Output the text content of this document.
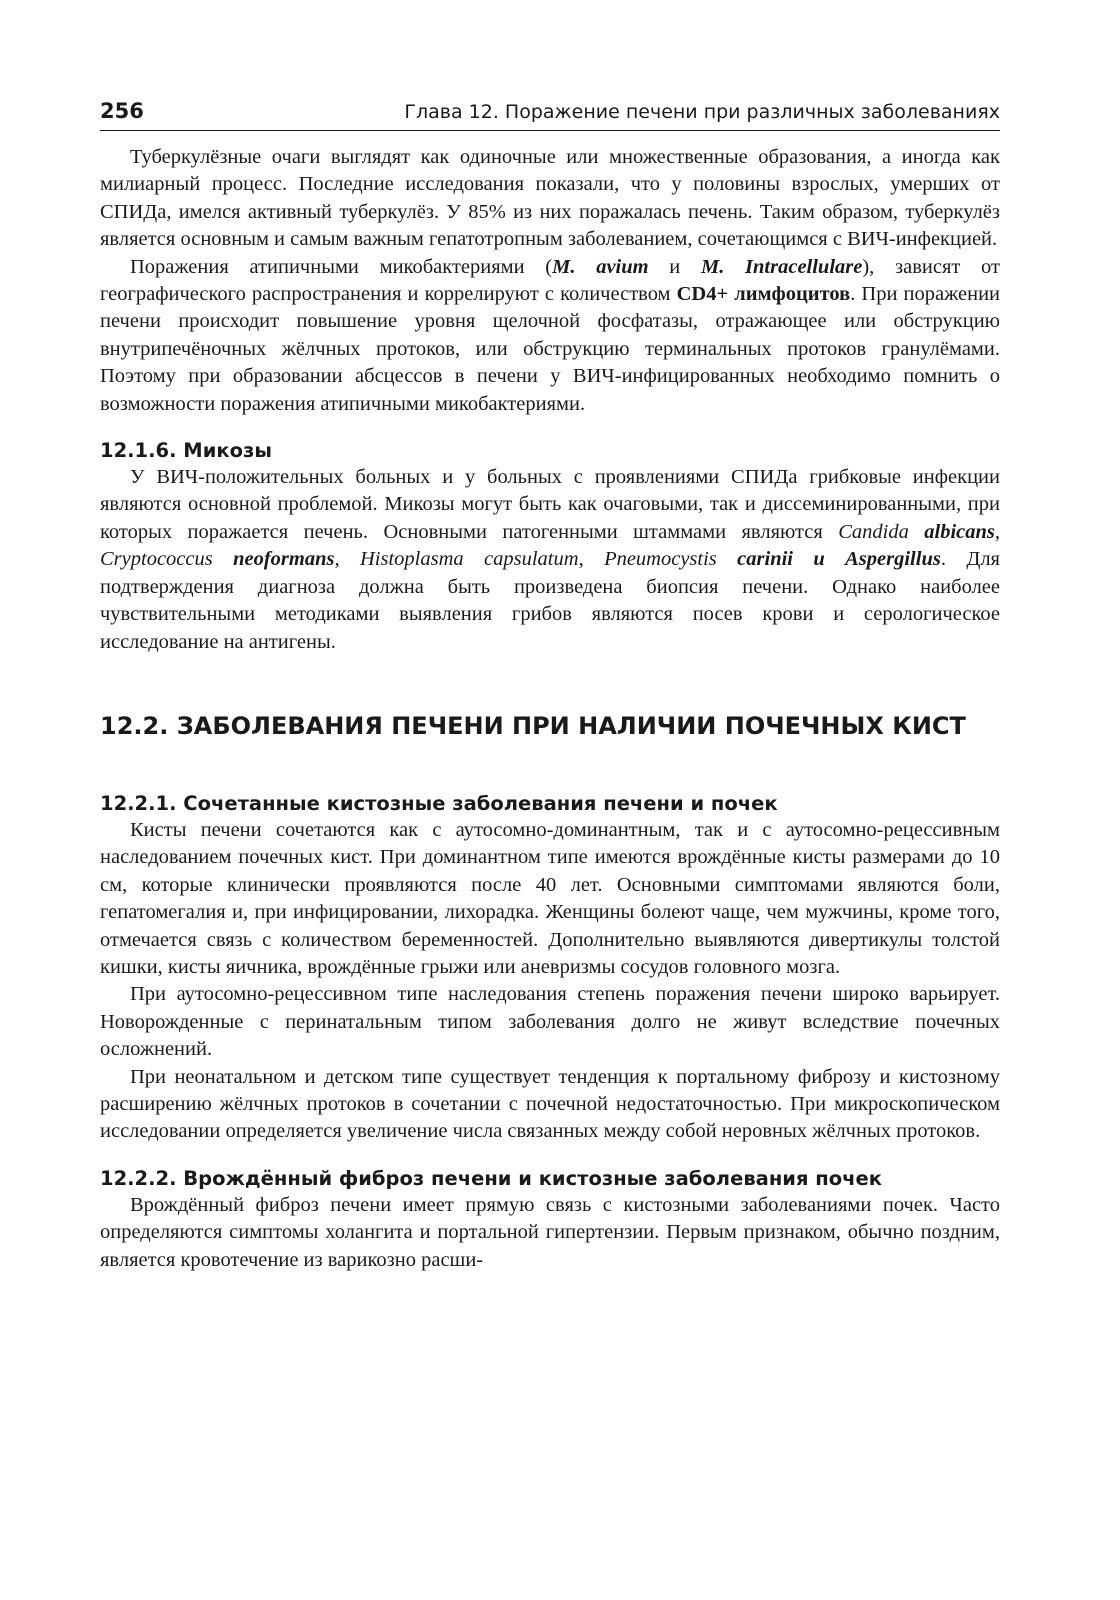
256	Глава 12. Поражение печени при различных заболеваниях

Туберкулёзные очаги выглядят как одиночные или множественные образования, а иногда как милиарный процесс. Последние исследования показали, что у половины взрослых, умерших от СПИДа, имелся активный туберкулёз. У 85% из них поражалась печень. Таким образом, туберкулёз является основным и самым важным гепатотропным заболеванием, сочетающимся с ВИЧ-инфекцией.

Поражения атипичными микобактериями (M. avium и M. Intracellulare), зависят от географического распространения и коррелируют с количеством CD4+ лимфоцитов. При поражении печени происходит повышение уровня щелочной фосфатазы, отражающее или обструкцию внутрипечёночных жёлчных протоков, или обструкцию терминальных протоков гранулёмами. Поэтому при образовании абсцессов в печени у ВИЧ-инфицированных необходимо помнить о возможности поражения атипичными микобактериями.

12.1.6. Микозы

У ВИЧ-положительных больных и у больных с проявлениями СПИДа грибковые инфекции являются основной проблемой. Микозы могут быть как очаговыми, так и диссеминированными, при которых поражается печень. Основными патогенными штаммами являются Candida albicans, Cryptococcus neoformans, Histoplasma capsulatum, Pneumocystis carinii и Aspergillus. Для подтверждения диагноза должна быть произведена биопсия печени. Однако наиболее чувствительными методиками выявления грибов являются посев крови и серологическое исследование на антигены.

12.2. ЗАБОЛЕВАНИЯ ПЕЧЕНИ ПРИ НАЛИЧИИ ПОЧЕЧНЫХ КИСТ
12.2.1. Сочетанные кистозные заболевания печени и почек

Кисты печени сочетаются как с аутосомно-доминантным, так и с аутосомно-рецессивным наследованием почечных кист. При доминантном типе имеются врождённые кисты размерами до 10 см, которые клинически проявляются после 40 лет. Основными симптомами являются боли, гепатомегалия и, при инфицировании, лихорадка. Женщины болеют чаще, чем мужчины, кроме того, отмечается связь с количеством беременностей. Дополнительно выявляются дивертикулы толстой кишки, кисты яичника, врождённые грыжи или аневризмы сосудов головного мозга.

При аутосомно-рецессивном типе наследования степень поражения печени широко варьирует. Новорожденные с перинатальным типом заболевания долго не живут вследствие почечных осложнений.

При неонатальном и детском типе существует тенденция к портальному фиброзу и кистозному расширению жёлчных протоков в сочетании с почечной недостаточностью. При микроскопическом исследовании определяется увеличение числа связанных между собой неровных жёлчных протоков.

12.2.2. Врождённый фиброз печени и кистозные заболевания почек

Врождённый фиброз печени имеет прямую связь с кистозными заболеваниями почек. Часто определяются симптомы холангита и портальной гипертензии. Первым признаком, обычно поздним, является кровотечение из варикозно расши-
